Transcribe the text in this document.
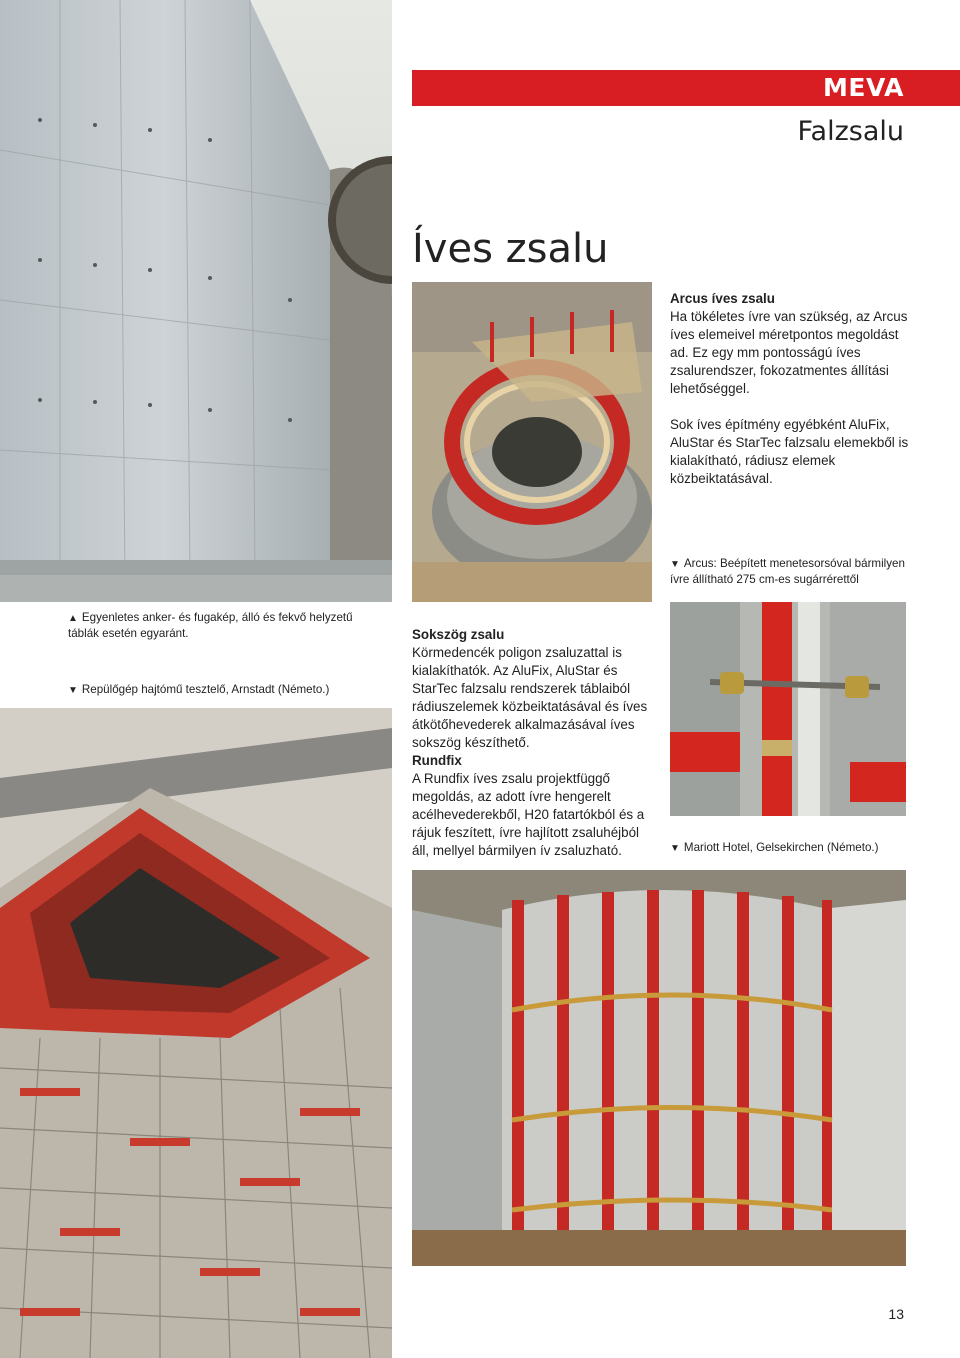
MEVA
Falzsalu
Íves zsalu
Arcus íves zsalu
Ha tökéletes ívre van szükség, az Arcus íves elemeivel méretpontos megoldást ad. Ez egy mm pontosságú íves zsalurendszer, fokozatmentes állítási lehetőséggel.
Sok íves építmény egyébként AluFix, AluStar és StarTec falzsalu elemekből is kialakítható, rádiusz elemek közbeiktatásával.
▼ Arcus: Beépített menetesorsóval bármilyen ívre állítható 275 cm-es sugárrérettől
▲ Egyenletes anker- és fugakép, álló és fekvő helyzetű táblák esetén egyaránt.
▼ Repülőgép hajtómű tesztelő, Arnstadt (Németo.)
Sokszög zsalu
Körmedencék poligon zsaluzattal is kialakíthatók. Az AluFix, AluStar és StarTec falzsalu rendszerek táblaiból rádiuszelemek közbeiktatásával és íves átkötőhevederek alkalmazásával íves sokszög készíthető.
Rundfix
A Rundfix íves zsalu projektfüggő megoldás, az adott ívre hengerelt acélhevederekből, H20 fatartókból és a rájuk feszített, ívre hajlított zsaluhéjból áll, mellyel bármilyen ív zsaluzható.	▼ Mariott Hotel, Gelsekirchen (Németo.)
13
